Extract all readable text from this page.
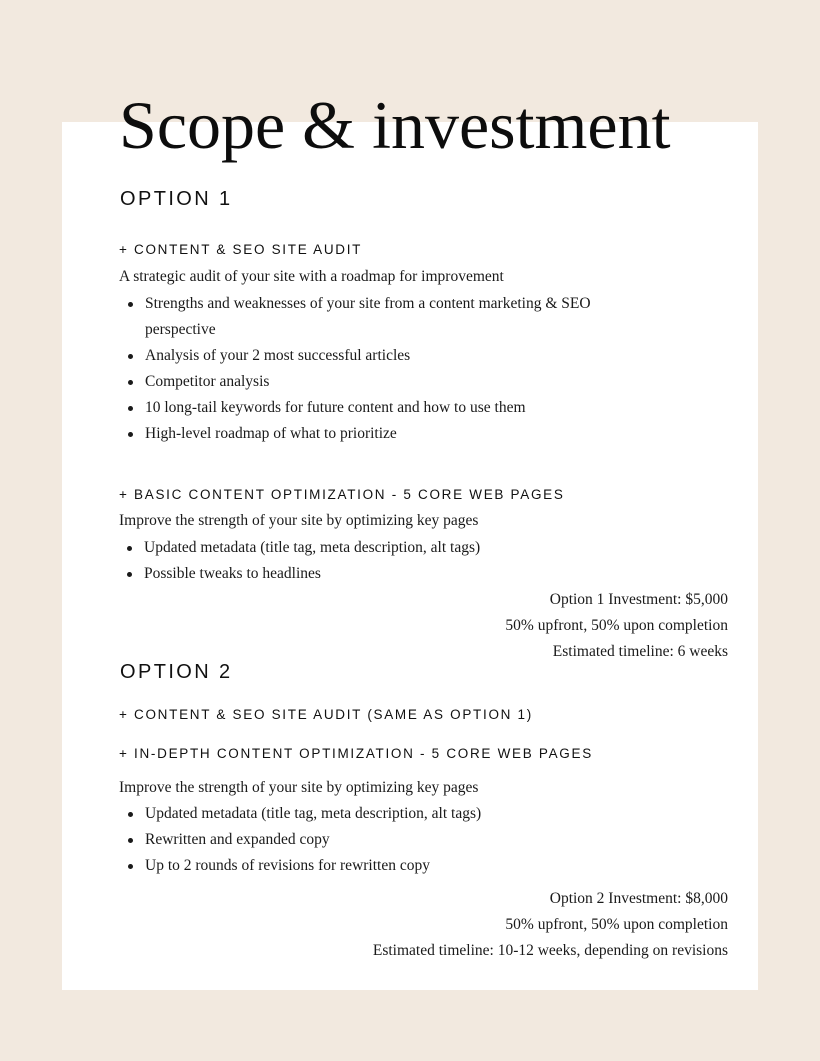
Scope & investment
OPTION 1
+ CONTENT & SEO SITE AUDIT

A strategic audit of your site with a roadmap for improvement

Strengths and weaknesses of your site from a content marketing & SEO perspective
Analysis of your 2 most successful articles
Competitor analysis
10 long-tail keywords for future content and how to use them
High-level roadmap of what to prioritize
+ BASIC CONTENT OPTIMIZATION - 5 CORE WEB PAGES

Improve the strength of your site by optimizing key pages

Updated metadata (title tag, meta description, alt tags)
Possible tweaks to headlines
Option 1 Investment: $5,000
50% upfront, 50% upon completion
Estimated timeline: 6 weeks
OPTION 2
+ CONTENT & SEO SITE AUDIT (SAME AS OPTION 1)
+ IN-DEPTH CONTENT OPTIMIZATION - 5 CORE WEB PAGES

Improve the strength of your site by optimizing key pages

Updated metadata (title tag, meta description, alt tags)
Rewritten and expanded copy
Up to 2 rounds of revisions for rewritten copy
Option 2 Investment: $8,000
50% upfront, 50% upon completion
Estimated timeline: 10-12 weeks, depending on revisions
